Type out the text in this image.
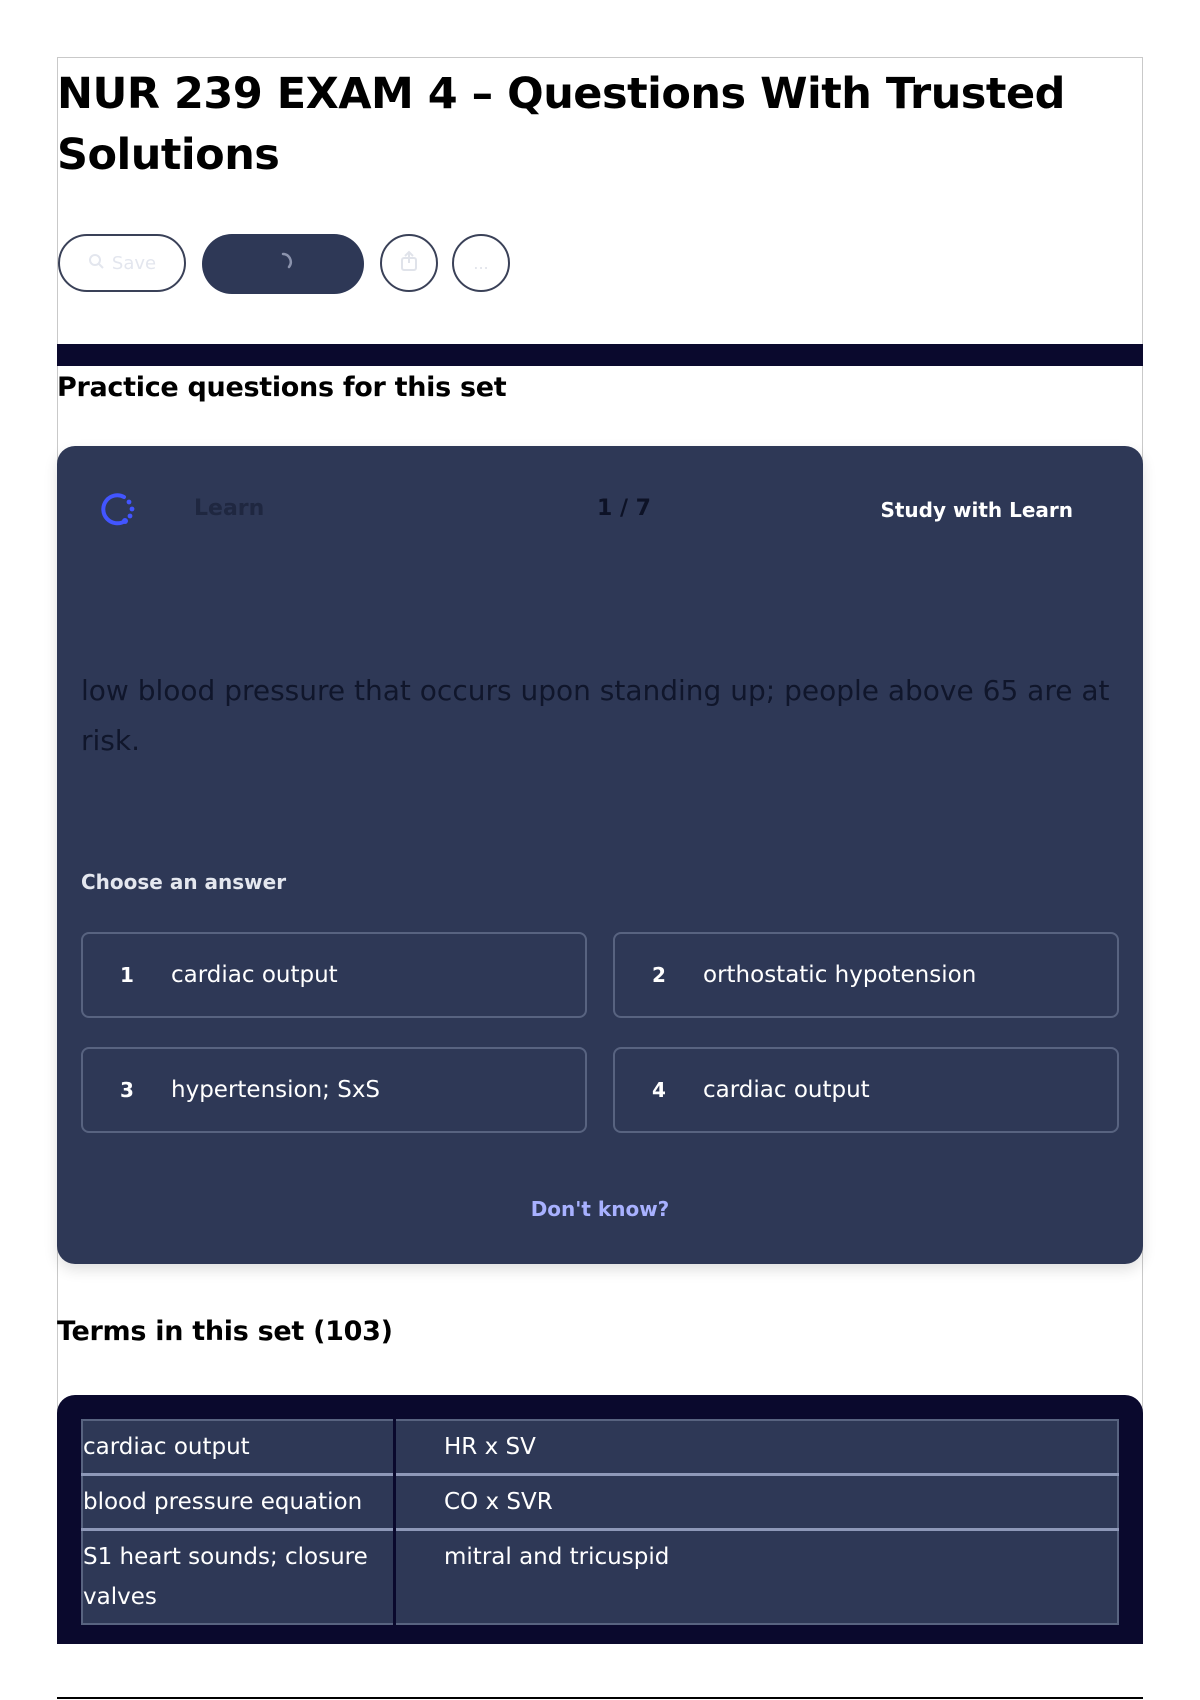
NUR 239 EXAM 4 – Questions With Trusted Solutions
Save	...
Practice questions for this set
Learn	1 / 7	Study with Learn

low blood pressure that occurs upon standing up; people above 65 are at risk.

Choose an answer
1	cardiac output	2	orthostatic hypotension
3	hypertension; SxS	4	cardiac output
Don't know?
Terms in this set (103)
cardiac output	HR x SV
blood pressure equation	CO x SVR
S1 heart sounds; closure valves	mitral and tricuspid
